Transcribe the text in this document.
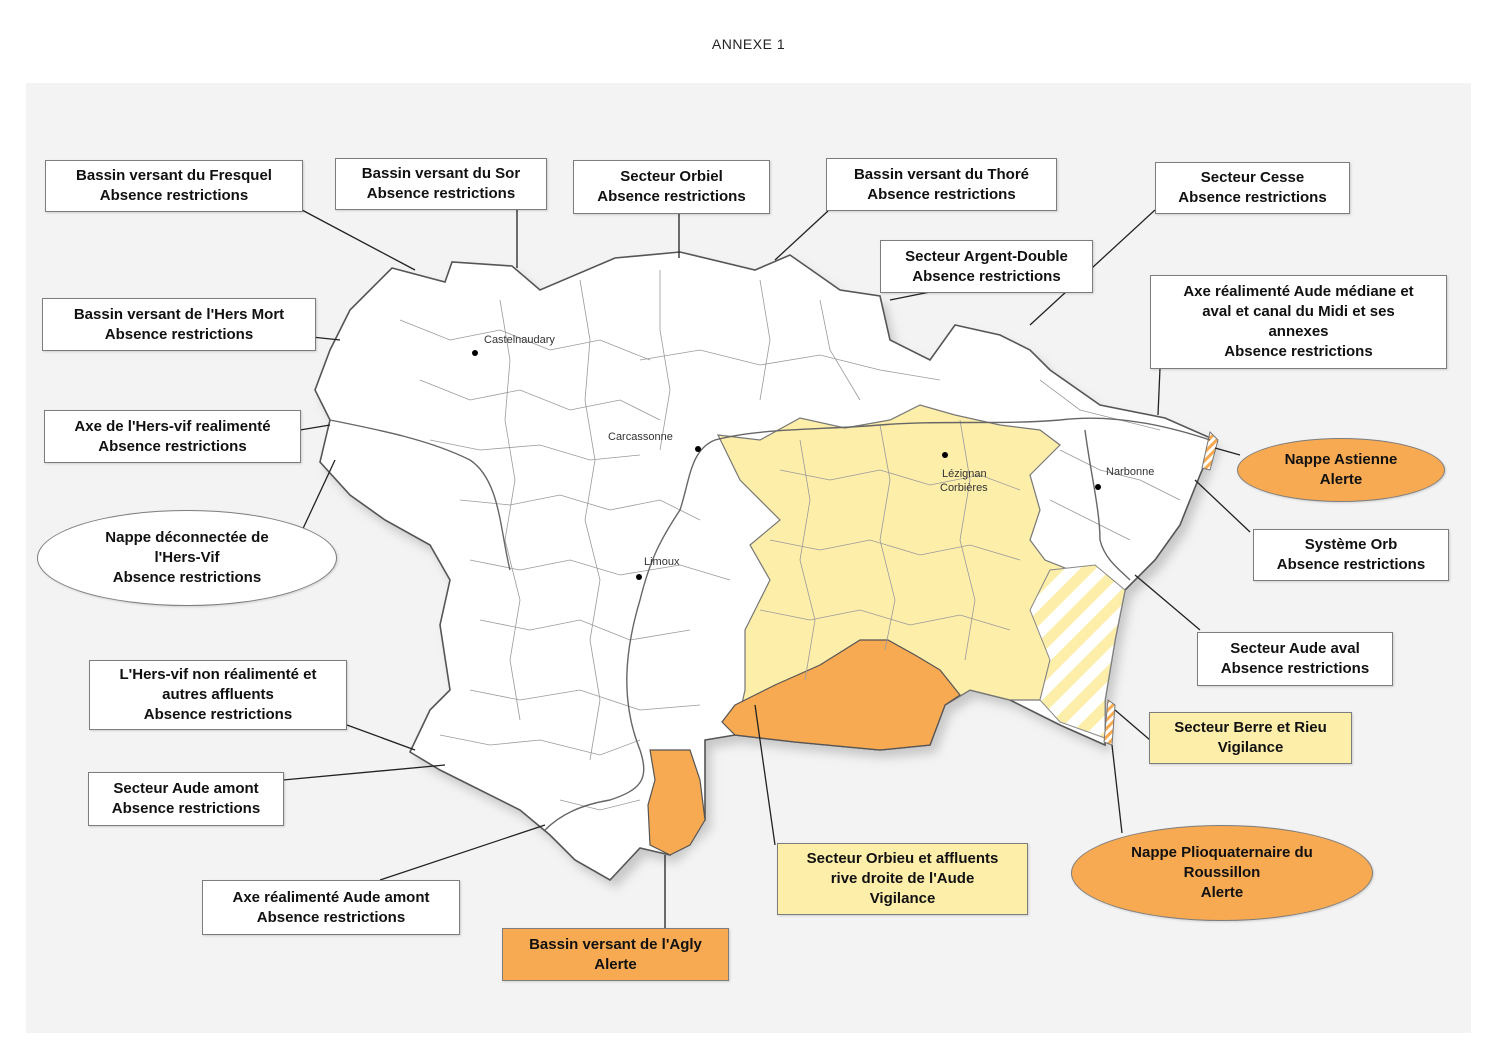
ANNEXE 1
Castelnaudary
Carcassonne
Limoux
Lézignan
Corbières
Narbonne
Bassin versant du Fresquel
Absence restrictions
Bassin versant du Sor
Absence restrictions
Secteur Orbiel
Absence restrictions
Bassin versant du Thoré
Absence restrictions
Secteur Cesse
Absence restrictions
Secteur Argent-Double
Absence restrictions
Axe réalimenté Aude médiane et
aval et canal du Midi et ses
annexes
Absence restrictions
Bassin versant de l'Hers Mort
Absence restrictions
Axe de l'Hers-vif realimenté
Absence restrictions
Nappe déconnectée de
l'Hers-Vif
Absence restrictions
L'Hers-vif non réalimenté et
autres affluents
Absence restrictions
Secteur Aude amont
Absence restrictions
Axe réalimenté Aude amont
Absence restrictions
Bassin versant de l'Agly
Alerte
Secteur Orbieu et affluents
rive droite de l'Aude
Vigilance
Nappe Plioquaternaire du
Roussillon
Alerte
Secteur Berre et Rieu
Vigilance
Secteur Aude aval
Absence restrictions
Système Orb
Absence restrictions
Nappe Astienne
Alerte
